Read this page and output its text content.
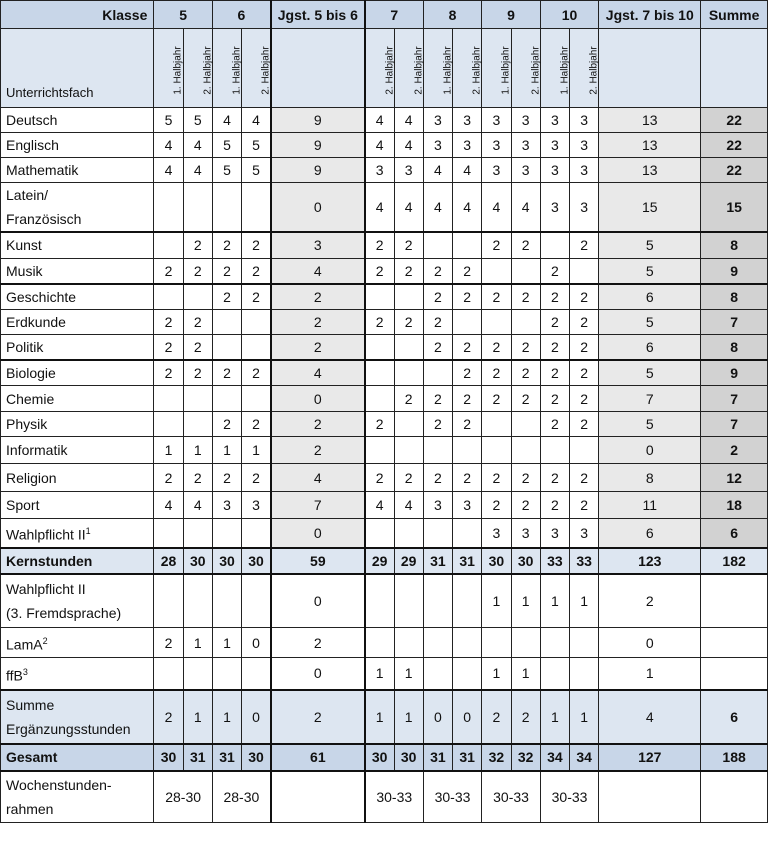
Klasse	5		6		Jgst. 5 bis 6	7		8		9		10		Jgst. 7 bis 10	Summe
Unterrichtsfach	1. Halbjahr	2. Halbjahr	1. Halbjahr	2. Halbjahr		2. Halbjahr	2. Halbjahr	1. Halbjahr	2. Halbjahr	1. Halbjahr	2. Halbjahr	1. Halbjahr	2. Halbjahr		
Deutsch	5	5	4	4	9	4	4	3	3	3	3	3	3	13	22
Englisch	4	4	5	5	9	4	4	3	3	3	3	3	3	13	22
Mathematik	4	4	5	5	9	3	3	4	4	3	3	3	3	13	22
Latein/
Französisch					0	4	4	4	4	4	4	3	3	15	15
Kunst		2	2	2	3	2	2			2	2		2	5	8
Musik	2	2	2	2	4	2	2	2	2			2		5	9
Geschichte			2	2	2			2	2	2	2	2	2	6	8
Erdkunde	2	2			2	2	2	2				2	2	5	7
Politik	2	2			2			2	2	2	2	2	2	6	8
Biologie	2	2	2	2	4				2	2	2	2	2	5	9
Chemie					0		2	2	2	2	2	2	2	7	7
Physik			2	2	2	2		2	2			2	2	5	7
Informatik	1	1	1	1	2									0	2
Religion	2	2	2	2	4	2	2	2	2	2	2	2	2	8	12
Sport	4	4	3	3	7	4	4	3	3	2	2	2	2	11	18
Wahlpflicht $II^1$					0					3	3	3	3	6	6
Kernstunden	28	30	30	30	59	29	29	31	31	30	30	33	33	123	182
Wahlpflicht II
(3. Fremdsprache)					0					1	1	1	1	2	
LamA$^2$	2	1	1	0	2									0	
ffB$^3$					0	1	1			1	1			1	
Summe
Ergänzungsstunden	2	1	1	0	2	1	1	0	0	2	2	1	1	4	6
Gesamt	30	31	31	30	61	30	30	31	31	32	32	34	34	127	188
Wochenstunden-
rahmen	28-30		28-30			30-33		30-33		30-33		30-33			
